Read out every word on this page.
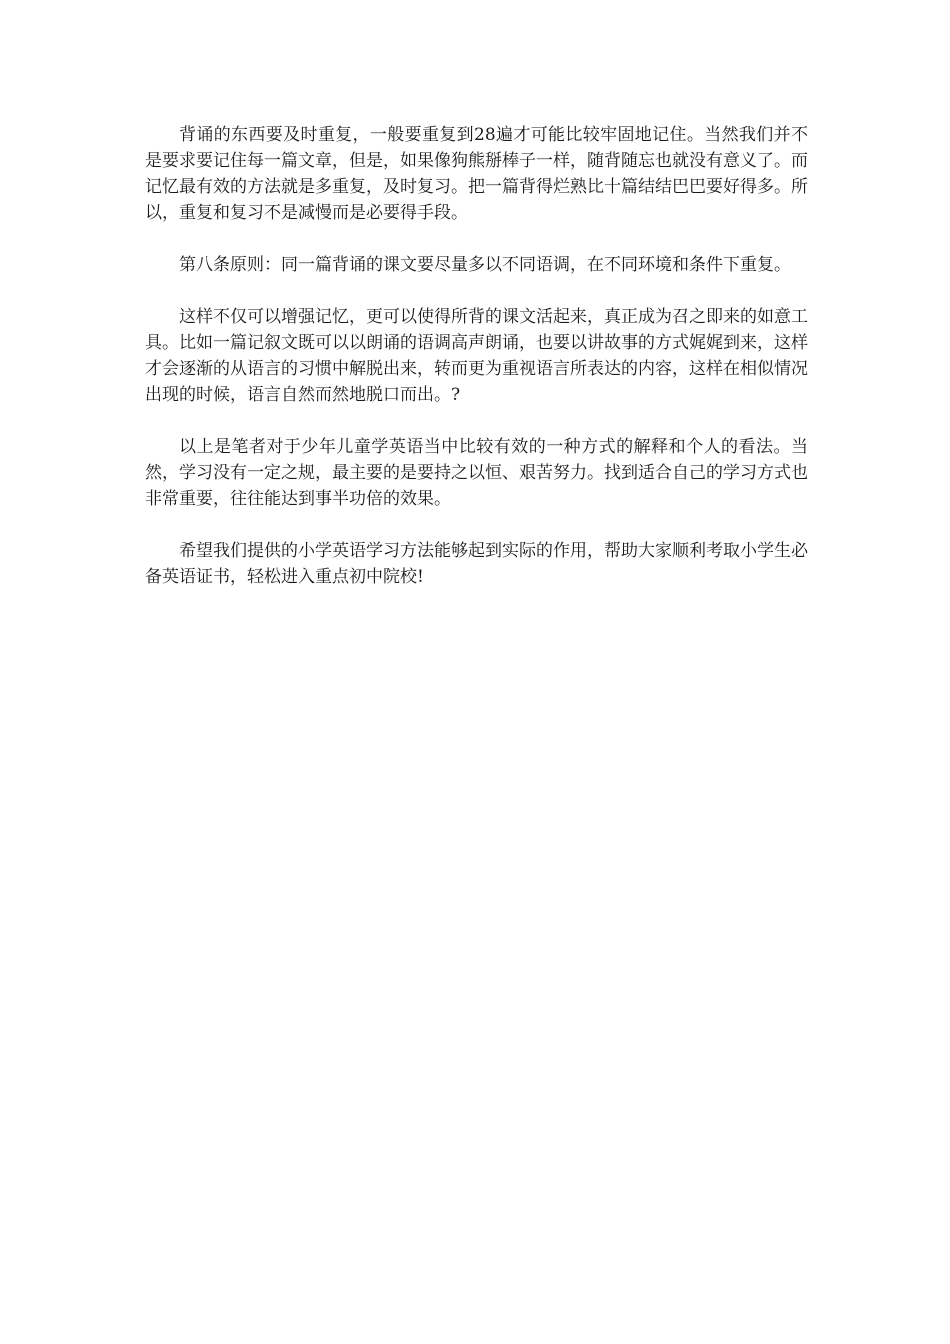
背诵的东西要及时重复，一般要重复到28遍才可能比较牢固地记住。当然我们并不是要求要记住每一篇文章，但是，如果像狗熊掰棒子一样，随背随忘也就没有意义了。而记忆最有效的方法就是多重复，及时复习。把一篇背得烂熟比十篇结结巴巴要好得多。所以，重复和复习不是减慢而是必要得手段。

第八条原则：同一篇背诵的课文要尽量多以不同语调，在不同环境和条件下重复。

这样不仅可以增强记忆，更可以使得所背的课文活起来，真正成为召之即来的如意工具。比如一篇记叙文既可以以朗诵的语调高声朗诵，也要以讲故事的方式娓娓到来，这样才会逐渐的从语言的习惯中解脱出来，转而更为重视语言所表达的内容，这样在相似情况出现的时候，语言自然而然地脱口而出。?

以上是笔者对于少年儿童学英语当中比较有效的一种方式的解释和个人的看法。当然，学习没有一定之规，最主要的是要持之以恒、艰苦努力。找到适合自己的学习方式也非常重要，往往能达到事半功倍的效果。

希望我们提供的小学英语学习方法能够起到实际的作用，帮助大家顺利考取小学生必备英语证书，轻松进入重点初中院校!
